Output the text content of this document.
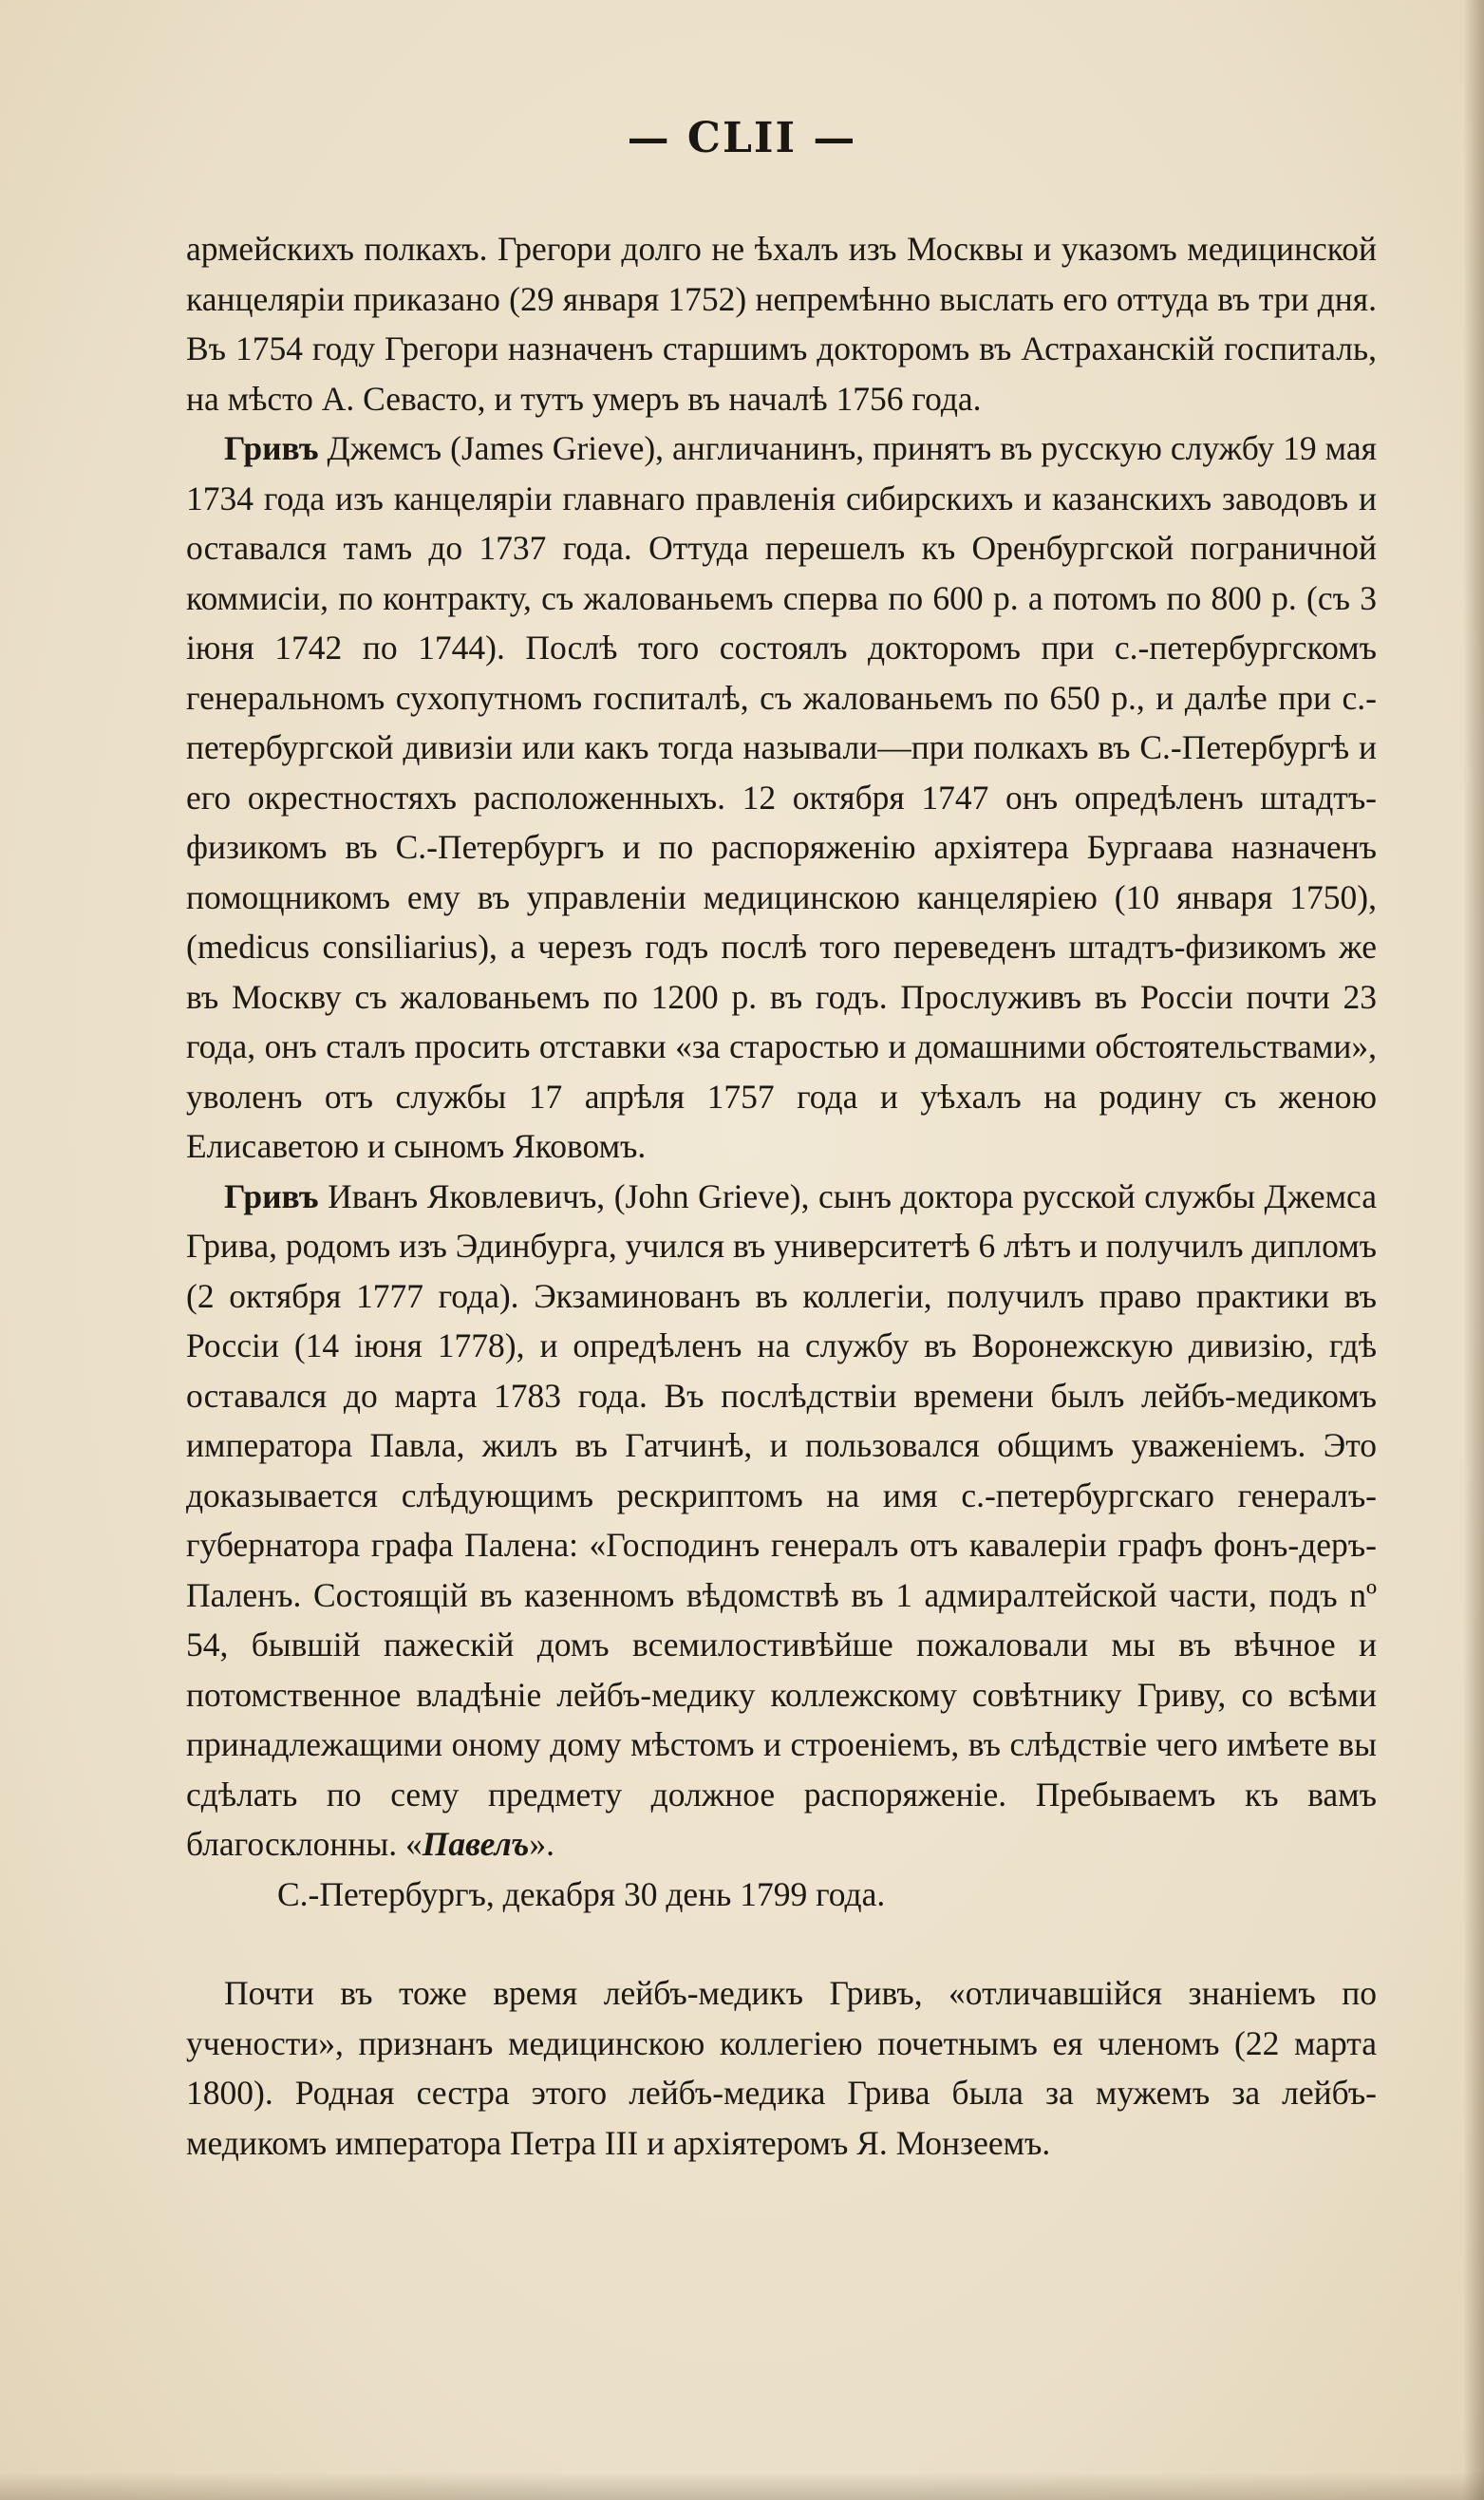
— CLII —

армейскихъ полкахъ. Грегори долго не ѣхалъ изъ Москвы и указомъ медицинской канцеляріи приказано (29 января 1752) непремѣнно выслать его оттуда въ три дня. Въ 1754 году Грегори назначенъ старшимъ докторомъ въ Астраханскій госпиталь, на мѣсто А. Севасто, и тутъ умеръ въ началѣ 1756 года.

Гривъ Джемсъ (James Grieve), англичанинъ, принятъ въ русскую службу 19 мая 1734 года изъ канцеляріи главнаго правленія сибирскихъ и казанскихъ заводовъ и оставался тамъ до 1737 года. Оттуда перешелъ къ Оренбургской пограничной коммисіи, по контракту, съ жалованьемъ сперва по 600 р. а потомъ по 800 р. (съ 3 іюня 1742 по 1744). Послѣ того состоялъ докторомъ при с.-петербургскомъ генеральномъ сухопутномъ госпиталѣ, съ жалованьемъ по 650 р., и далѣе при с.-петербургской дивизіи или какъ тогда называли—при полкахъ въ С.-Петербургѣ и его окрестностяхъ расположенныхъ. 12 октября 1747 онъ опредѣленъ штадтъ-физикомъ въ С.-Петербургъ и по распоряженію архіятера Бургаава назначенъ помощникомъ ему въ управленіи медицинскою канцеляріею (10 января 1750), (medicus consiliarius), а черезъ годъ послѣ того переведенъ штадтъ-физикомъ же въ Москву съ жалованьемъ по 1200 р. въ годъ. Прослуживъ въ Россіи почти 23 года, онъ сталъ просить отставки «за старостью и домашними обстоятельствами», уволенъ отъ службы 17 апрѣля 1757 года и уѣхалъ на родину съ женою Елисаветою и сыномъ Яковомъ.

Гривъ Иванъ Яковлевичъ, (John Grieve), сынъ доктора русской службы Джемса Грива, родомъ изъ Эдинбурга, учился въ университетѣ 6 лѣтъ и получилъ дипломъ (2 октября 1777 года). Экзаминованъ въ коллегіи, получилъ право практики въ Россіи (14 іюня 1778), и опредѣленъ на службу въ Воронежскую дивизію, гдѣ оставался до марта 1783 года. Въ послѣдствіи времени былъ лейбъ-медикомъ императора Павла, жилъ въ Гатчинѣ, и пользовался общимъ уваженіемъ. Это доказывается слѣдующимъ рескриптомъ на имя с.-петербургскаго генералъ-губернатора графа Палена: «Господинъ генералъ отъ кавалеріи графъ фонъ-деръ-Паленъ. Состоящій въ казенномъ вѣдомствѣ въ 1 адмиралтейской части, подъ nº 54, бывшій пажескій домъ всемилостивѣйше пожаловали мы въ вѣчное и потомственное владѣніе лейбъ-медику коллежскому совѣтнику Гриву, со всѣми принадлежащими оному дому мѣстомъ и строеніемъ, въ слѣдствіе чего имѣете вы сдѣлать по сему предмету должное распоряженіе. Пребываемъ къ вамъ благосклонны. «Павелъ».

С.-Петербургъ, декабря 30 день 1799 года.

Почти въ тоже время лейбъ-медикъ Гривъ, «отличавшійся знаніемъ по учености», признанъ медицинскою коллегіею почетнымъ ея членомъ (22 марта 1800). Родная сестра этого лейбъ-медика Грива была за мужемъ за лейбъ-медикомъ императора Петра III и архіятеромъ Я. Монзеемъ.
